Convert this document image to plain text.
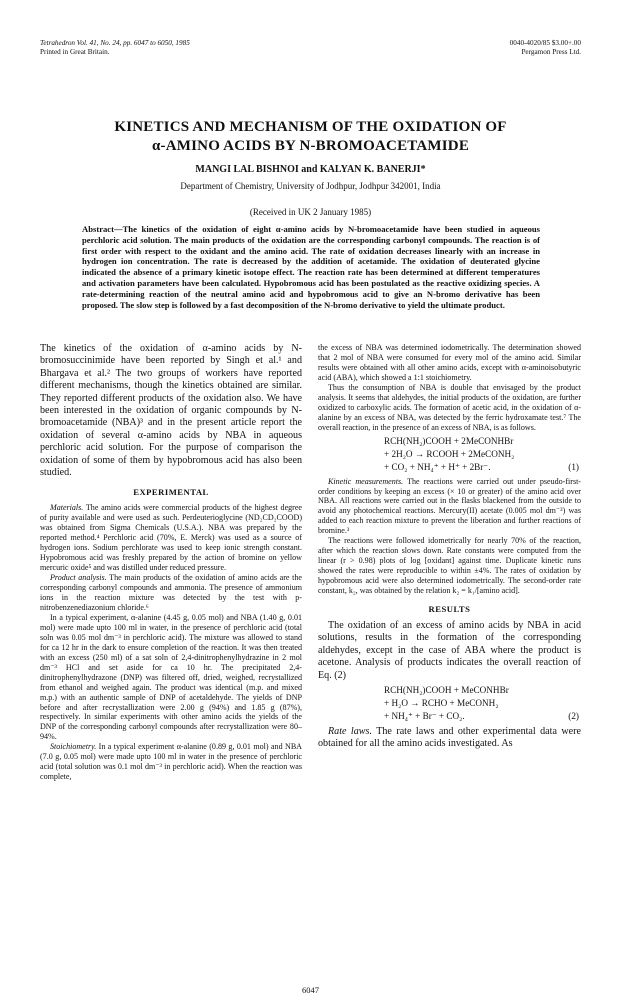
Tetrahedron Vol. 41, No. 24, pp. 6047 to 6050, 1985
Printed in Great Britain.
0040-4020/85 $3.00+.00
Pergamon Press Ltd.
KINETICS AND MECHANISM OF THE OXIDATION OF
α-AMINO ACIDS BY N-BROMOACETAMIDE
MANGI LAL BISHNOI and KALYAN K. BANERJI*
Department of Chemistry, University of Jodhpur, Jodhpur 342001, India
(Received in UK 2 January 1985)
Abstract—The kinetics of the oxidation of eight α-amino acids by N-bromoacetamide have been studied in aqueous perchloric acid solution. The main products of the oxidation are the corresponding carbonyl compounds. The reaction is of first order with respect to the oxidant and the amino acid. The rate of oxidation decreases linearly with an increase in hydrogen ion concentration. The rate is decreased by the addition of acetamide. The oxidation of deuterated glycine indicated the absence of a primary kinetic isotope effect. The reaction rate has been determined at different temperatures and activation parameters have been calculated. Hypobromous acid has been postulated as the reactive oxidizing species. A rate-determining reaction of the neutral amino acid and hypobromous acid to give an N-bromo derivative has been proposed. The slow step is followed by a fast decomposition of the N-bromo derivative to yield the ultimate product.

The kinetics of the oxidation of α-amino acids by N-bromosuccinimide have been reported by Singh et al.¹ and Bhargava et al.² The two groups of workers have reported different mechanisms, though the kinetics obtained are similar. They reported different products of the oxidation also. We have been interested in the oxidation of organic compounds by N-bromoacetamide (NBA)³ and in the present article report the oxidation of several α-amino acids by NBA in aqueous perchloric acid solution. For the purpose of comparison the oxidation of some of them by hypobromous acid has also been studied.

EXPERIMENTAL

Materials. The amino acids were commercial products of the highest degree of purity available and were used as such. Perdeuterioglycine (ND₂CD₂COOD) was obtained from Sigma Chemicals (U.S.A.). NBA was prepared by the reported method.⁴ Perchloric acid (70%, E. Merck) was used as a source of hydrogen ions. Sodium perchlorate was used to keep ionic strength constant. Hypobromous acid was freshly prepared by the action of bromine on yellow mercuric oxide⁵ and was distilled under reduced pressure.

Product analysis. The main products of the oxidation of amino acids are the corresponding carbonyl compounds and ammonia. The presence of ammonium ions in the reaction mixture was detected by the test with p-nitrobenzenediazonium chloride.⁶

In a typical experiment, α-alanine (4.45 g, 0.05 mol) and NBA (1.40 g, 0.01 mol) were made upto 100 ml in water, in the presence of perchloric acid (total soln was 0.05 mol dm⁻³ in perchloric acid). The mixture was allowed to stand for ca 12 hr in the dark to ensure completion of the reaction. It was then treated with an excess (250 ml) of a sat soln of 2,4-dinitrophenylhydrazine in 2 mol dm⁻³ HCl and set aside for ca 10 hr. The precipitated 2,4-dinitrophenylhydrazone (DNP) was filtered off, dried, weighed, recrystallized from ethanol and weighed again. The product was identical (m.p. and mixed m.p.) with an authentic sample of DNP of acetaldehyde. The yields of DNP before and after recrystallization were 2.00 g (94%) and 1.85 g (87%), respectively. In similar experiments with other amino acids the yields of the DNP of the corresponding carbonyl compounds after recrystallization were 80–94%.

Stoichiometry. In a typical experiment α-alanine (0.89 g, 0.01 mol) and NBA (7.0 g, 0.05 mol) were made upto 100 ml in water in the presence of perchloric acid (total solution was 0.1 mol dm⁻³ in perchloric acid). When the reaction was complete,

the excess of NBA was determined iodometrically. The determination showed that 2 mol of NBA were consumed for every mol of the amino acid. Similar results were obtained with all other amino acids, except with α-aminoisobutyric acid (ABA), which showed a 1:1 stoichiometry.

Thus the consumption of NBA is double that envisaged by the product analysis. It seems that aldehydes, the initial products of the oxidation, are further oxidized to carboxylic acids. The formation of acetic acid, in the oxidation of α-alanine by an excess of NBA, was detected by the ferric hydroxamate test.⁷ The overall reaction, in the presence of an excess of NBA, is as follows.

RCH(NH₂)COOH + 2MeCONHBr
+ 2H₂O → RCOOH + 2MeCONH₂
+ CO₂ + NH₄⁺ + H⁺ + 2Br⁻.	(1)

Kinetic measurements. The reactions were carried out under pseudo-first-order conditions by keeping an excess (× 10 or greater) of the amino acid over NBA. All reactions were carried out in the flasks blackened from the outside to avoid any photochemical reactions. Mercury(II) acetate (0.005 mol dm⁻³) was added to each reaction mixture to prevent the liberation and further reactions of bromine.³

The reactions were followed idometrically for nearly 70% of the reaction, after which the reaction slows down. Rate constants were computed from the linear (r > 0.98) plots of log [oxidant] against time. Duplicate kinetic runs showed the rates were reproducible to within ±4%. The rates of oxidation by hypobromous acid were also determined iodometrically. The second-order rate constant, k₂, was obtained by the relation k₂ = k₁/[amino acid].

RESULTS

The oxidation of an excess of amino acids by NBA in acid solutions, results in the formation of the corresponding aldehydes, except in the case of ABA where the product is acetone. Analysis of products indicates the overall reaction of Eq. (2)

RCH(NH₂)COOH + MeCONHBr
+ H₂O → RCHO + MeCONH₂
+ NH₄⁺ + Br⁻ + CO₂.	(2)

Rate laws. The rate laws and other experimental data were obtained for all the amino acids investigated. As

6047
